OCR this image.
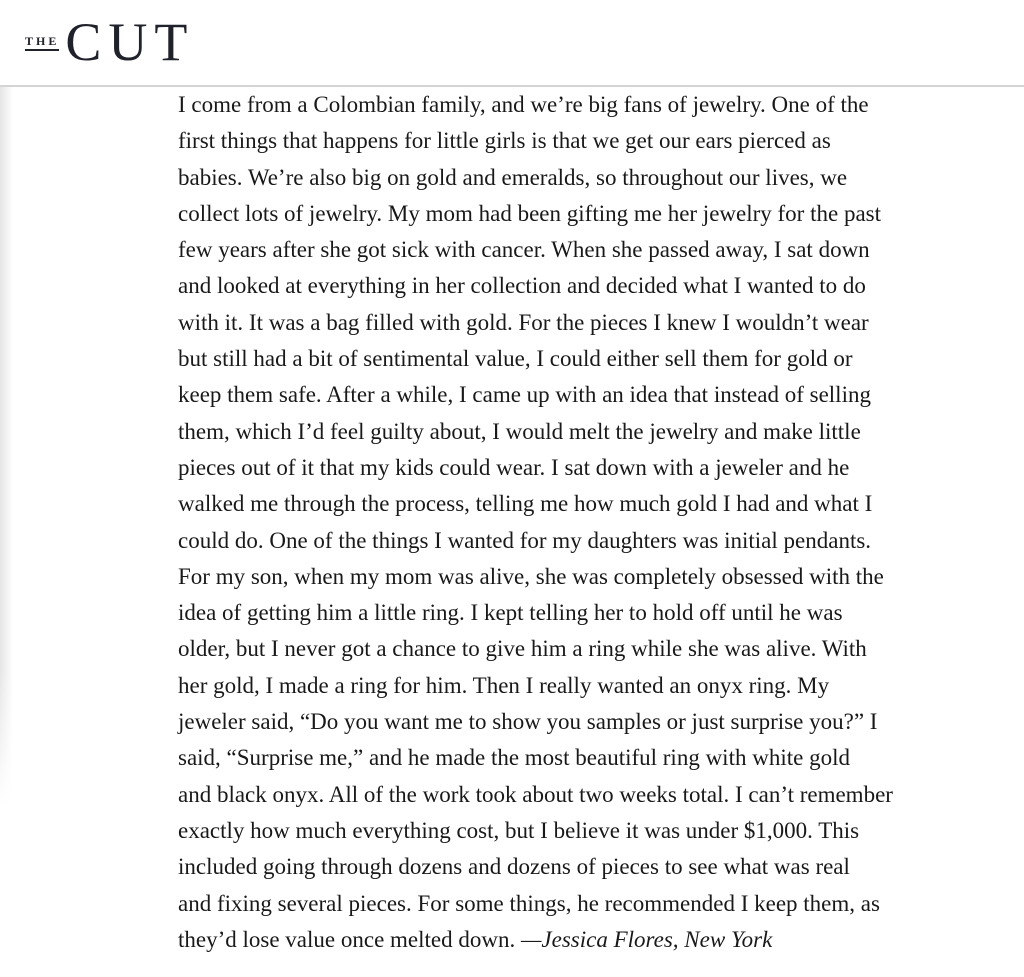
THE CUT
I come from a Colombian family, and we’re big fans of jewelry. One of the
first things that happens for little girls is that we get our ears pierced as
babies. We’re also big on gold and emeralds, so throughout our lives, we
collect lots of jewelry. My mom had been gifting me her jewelry for the past
few years after she got sick with cancer. When she passed away, I sat down
and looked at everything in her collection and decided what I wanted to do
with it. It was a bag filled with gold. For the pieces I knew I wouldn’t wear
but still had a bit of sentimental value, I could either sell them for gold or
keep them safe. After a while, I came up with an idea that instead of selling
them, which I’d feel guilty about, I would melt the jewelry and make little
pieces out of it that my kids could wear. I sat down with a jeweler and he
walked me through the process, telling me how much gold I had and what I
could do. One of the things I wanted for my daughters was initial pendants.
For my son, when my mom was alive, she was completely obsessed with the
idea of getting him a little ring. I kept telling her to hold off until he was
older, but I never got a chance to give him a ring while she was alive. With
her gold, I made a ring for him. Then I really wanted an onyx ring. My
jeweler said, “Do you want me to show you samples or just surprise you?” I
said, “Surprise me,” and he made the most beautiful ring with white gold
and black onyx. All of the work took about two weeks total. I can’t remember
exactly how much everything cost, but I believe it was under $1,000. This
included going through dozens and dozens of pieces to see what was real
and fixing several pieces. For some things, he recommended I keep them, as
they’d lose value once melted down. —Jessica Flores, New York
